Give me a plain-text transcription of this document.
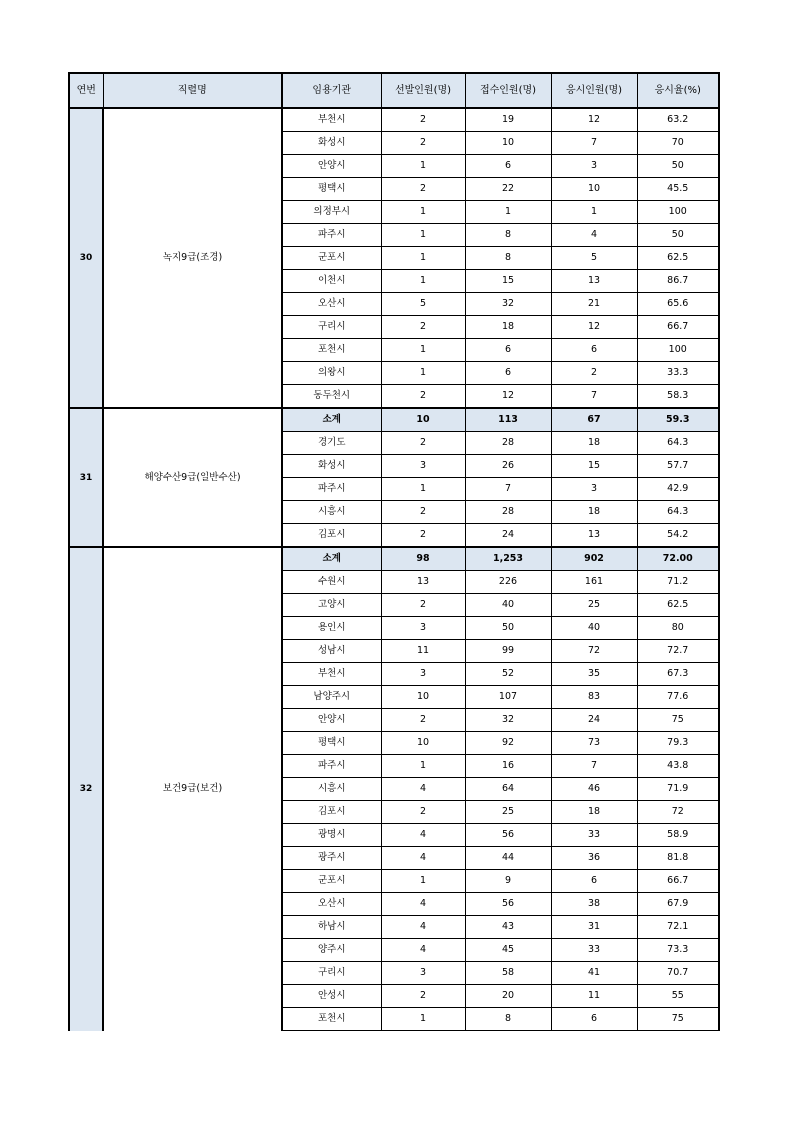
연번	직렬명	임용기관	선발인원(명)	접수인원(명)	응시인원(명)	응시율(%)
30	녹지9급(조경)	부천시	2	19	12	63.2
		화성시	2	10	7	70
		안양시	1	6	3	50
		평택시	2	22	10	45.5
		의정부시	1	1	1	100
		파주시	1	8	4	50
		군포시	1	8	5	62.5
		이천시	1	15	13	86.7
		오산시	5	32	21	65.6
		구리시	2	18	12	66.7
		포천시	1	6	6	100
		의왕시	1	6	2	33.3
		동두천시	2	12	7	58.3
31	해양수산9급(일반수산)	소계	10	113	67	59.3
		경기도	2	28	18	64.3
		화성시	3	26	15	57.7
		파주시	1	7	3	42.9
		시흥시	2	28	18	64.3
		김포시	2	24	13	54.2
32	보건9급(보건)	소계	98	1,253	902	72.00
		수원시	13	226	161	71.2
		고양시	2	40	25	62.5
		용인시	3	50	40	80
		성남시	11	99	72	72.7
		부천시	3	52	35	67.3
		남양주시	10	107	83	77.6
		안양시	2	32	24	75
		평택시	10	92	73	79.3
		파주시	1	16	7	43.8
		시흥시	4	64	46	71.9
		김포시	2	25	18	72
		광명시	4	56	33	58.9
		광주시	4	44	36	81.8
		군포시	1	9	6	66.7
		오산시	4	56	38	67.9
		하남시	4	43	31	72.1
		양주시	4	45	33	73.3
		구리시	3	58	41	70.7
		안성시	2	20	11	55
		포천시	1	8	6	75
